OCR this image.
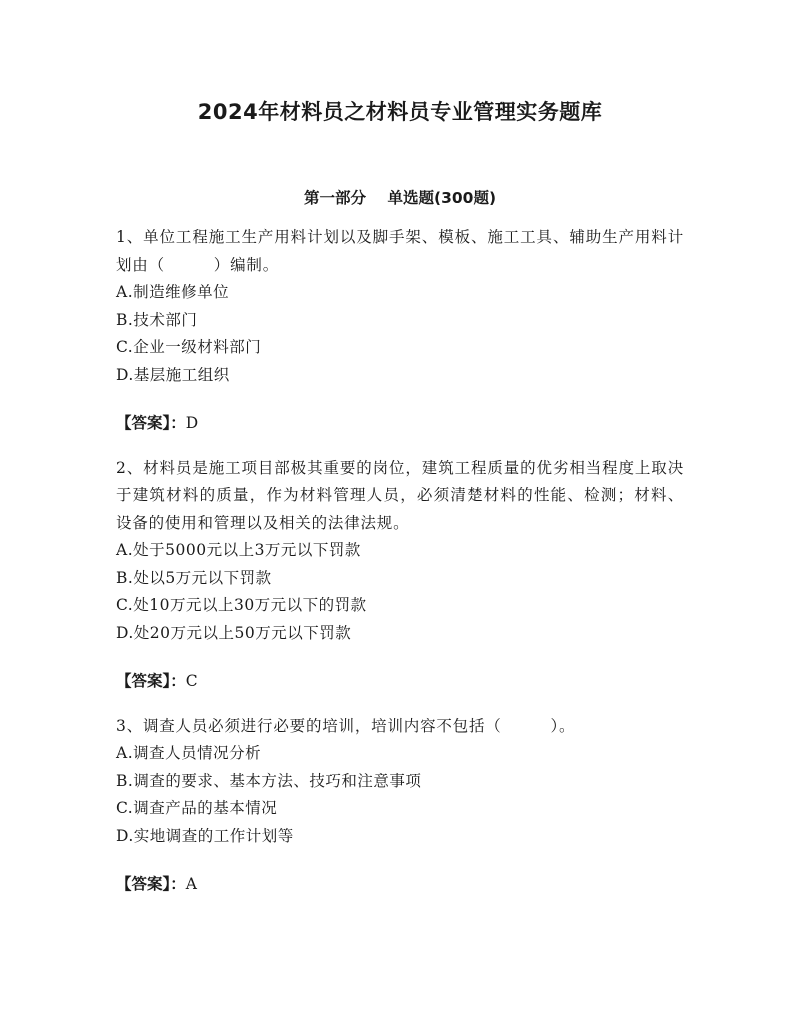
2024年材料员之材料员专业管理实务题库
第一部分    单选题(300题)

1、单位工程施工生产用料计划以及脚手架、模板、施工工具、辅助生产用料计划由（　　　）编制。

A.制造维修单位

B.技术部门

C.企业一级材料部门

D.基层施工组织

【答案】：D

2、材料员是施工项目部极其重要的岗位，建筑工程质量的优劣相当程度上取决于建筑材料的质量，作为材料管理人员，必须清楚材料的性能、检测；材料、设备的使用和管理以及相关的法律法规。

A.处于5000元以上3万元以下罚款

B.处以5万元以下罚款

C.处10万元以上30万元以下的罚款

D.处20万元以上50万元以下罚款

【答案】：C

3、调查人员必须进行必要的培训，培训内容不包括（　　　）。

A.调查人员情况分析

B.调查的要求、基本方法、技巧和注意事项

C.调查产品的基本情况

D.实地调查的工作计划等

【答案】：A
